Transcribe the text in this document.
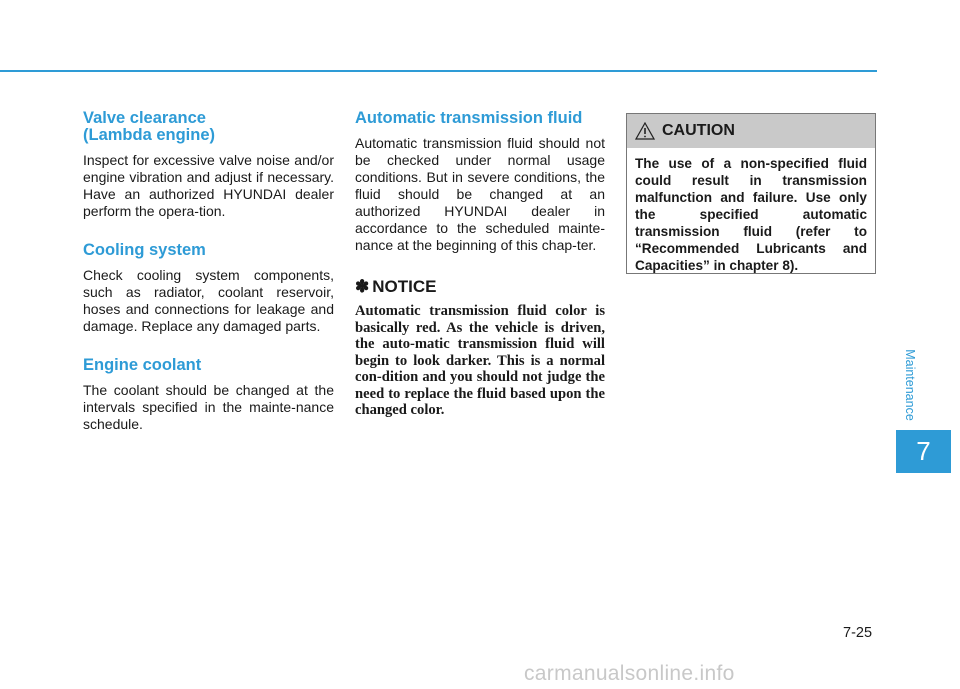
Valve clearance
(Lambda engine)

Inspect for excessive valve noise and/or engine vibration and adjust if necessary. Have an authorized HYUNDAI dealer perform the opera-tion.

Cooling system

Check cooling system components, such as radiator, coolant reservoir, hoses and connections for leakage and damage. Replace any damaged parts.

Engine coolant

The coolant should be changed at the intervals specified in the mainte-nance schedule.

Automatic transmission fluid

Automatic transmission fluid should not be checked under normal usage conditions. But in severe conditions, the fluid should be changed at an authorized HYUNDAI dealer in accordance to the scheduled mainte-nance at the beginning of this chap-ter.

✽ NOTICE

Automatic transmission fluid color is basically red. As the vehicle is driven, the auto-matic transmission fluid will begin to look darker. This is a normal con-dition and you should not judge the need to replace the fluid based upon the changed color.

CAUTION
The use of a non-specified fluid could result in transmission malfunction and failure. Use only the specified automatic transmission fluid (refer to “Recommended Lubricants and Capacities” in chapter 8).
Maintenance
7
7-25
carmanualsonline.info
